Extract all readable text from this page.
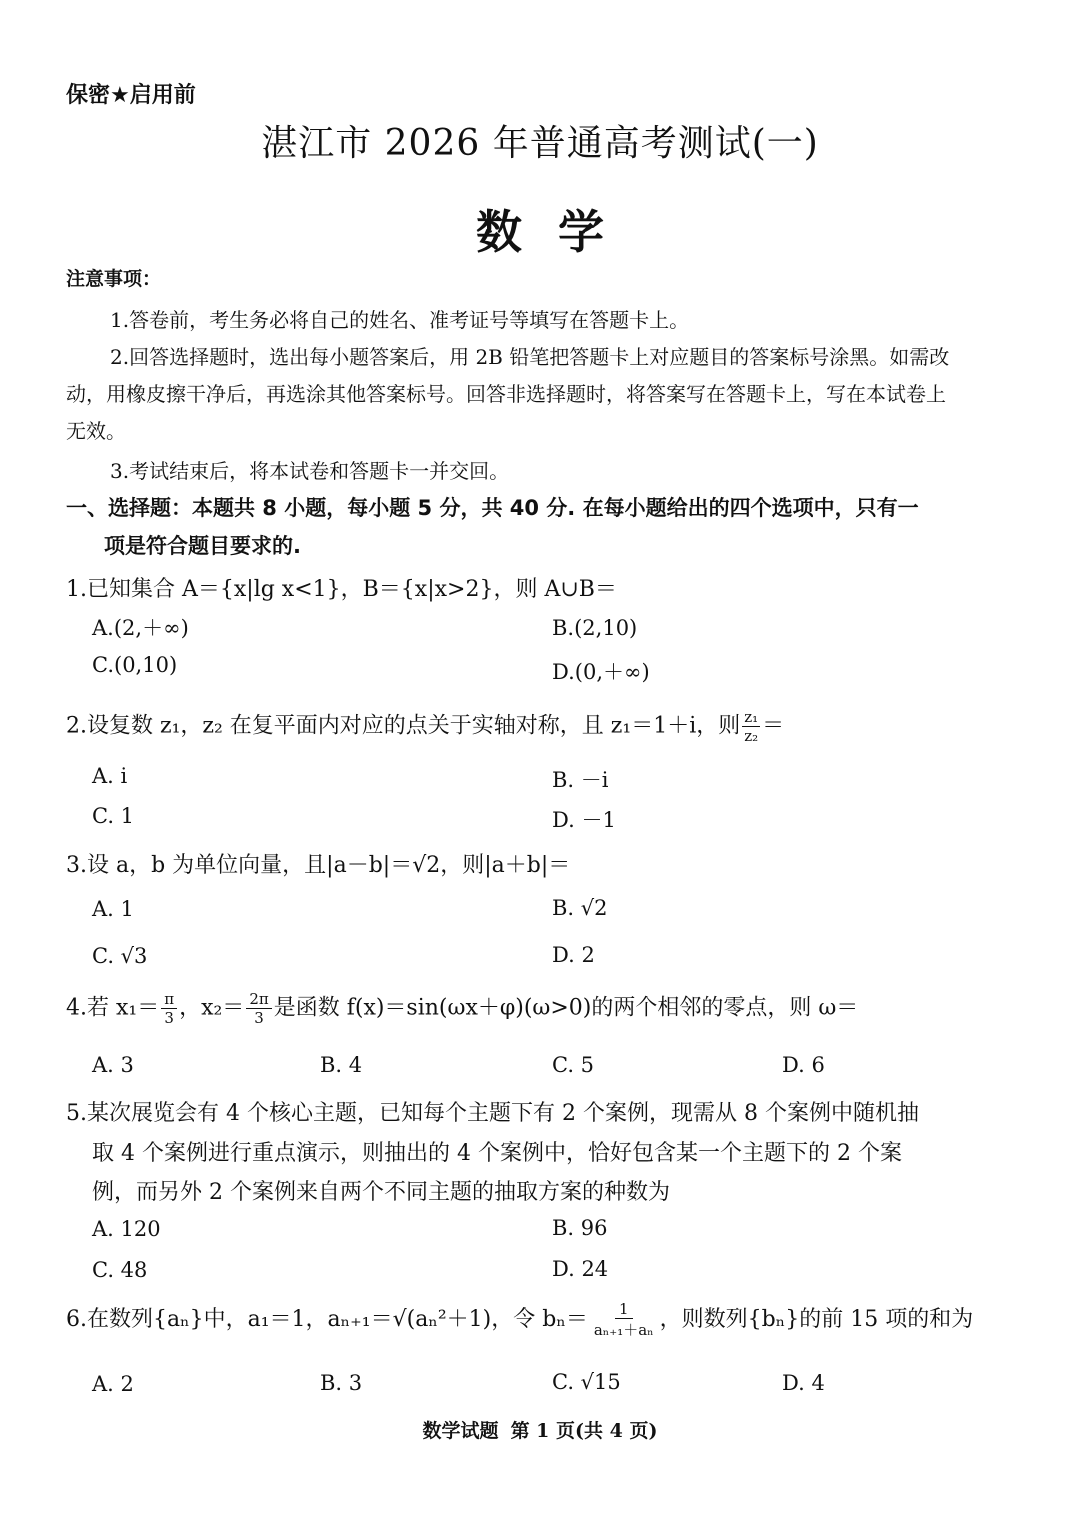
保密★启用前
湛江市 2026 年普通高考测试(一)
数学
注意事项：
1.答卷前，考生务必将自己的姓名、准考证号等填写在答题卡上。
2.回答选择题时，选出每小题答案后，用 2B 铅笔把答题卡上对应题目的答案标号涂黑。如需改
动，用橡皮擦干净后，再选涂其他答案标号。回答非选择题时，将答案写在答题卡上，写在本试卷上
无效。
3.考试结束后，将本试卷和答题卡一并交回。
一、选择题：本题共 8 小题，每小题 5 分，共 40 分. 在每小题给出的四个选项中，只有一
项是符合题目要求的.
1.已知集合 A＝{x|lg x<1}，B＝{x|x>2}，则 A∪B＝
A.(2,＋∞)	B.(2,10)
C.(0,10)	D.(0,＋∞)
2.设复数 z₁，z₂ 在复平面内对应的点关于实轴对称，且 z₁＝1＋i，则 $\frac{\text{z₁}}{\text{z₂}}$ ＝
A. i	B. －i
C. 1	D. －1
3.设 a，b 为单位向量，且|a－b|＝√2，则|a＋b|＝
A. 1	B. √2
C. √3	D. 2
4.若 $x_1= \frac{\pi}{3}$ ，$x_2= \frac{2\pi}{3}$ 是函数 f(x)＝sin(ωx＋φ)(ω>0)的两个相邻的零点，则 ω＝
A. 3	B. 4	C. 5	D. 6
5.某次展览会有 4 个核心主题，已知每个主题下有 2 个案例，现需从 8 个案例中随机抽
取 4 个案例进行重点演示，则抽出的 4 个案例中，恰好包含某一个主题下的 2 个案
例，而另外 2 个案例来自两个不同主题的抽取方案的种数为
A. 120	B. 96
C. 48	D. 24
6.在数列{aₙ}中，a₁＝1，aₙ₊₁＝√(aₙ²＋1)，令 $b_n= \frac{1}{\text{aₙ₊₁＋aₙ}}$ ，则数列{bₙ}的前 15 项的和为
A. 2	B. 3	C. √15	D. 4
数学试题 第 1 页(共 4 页)
